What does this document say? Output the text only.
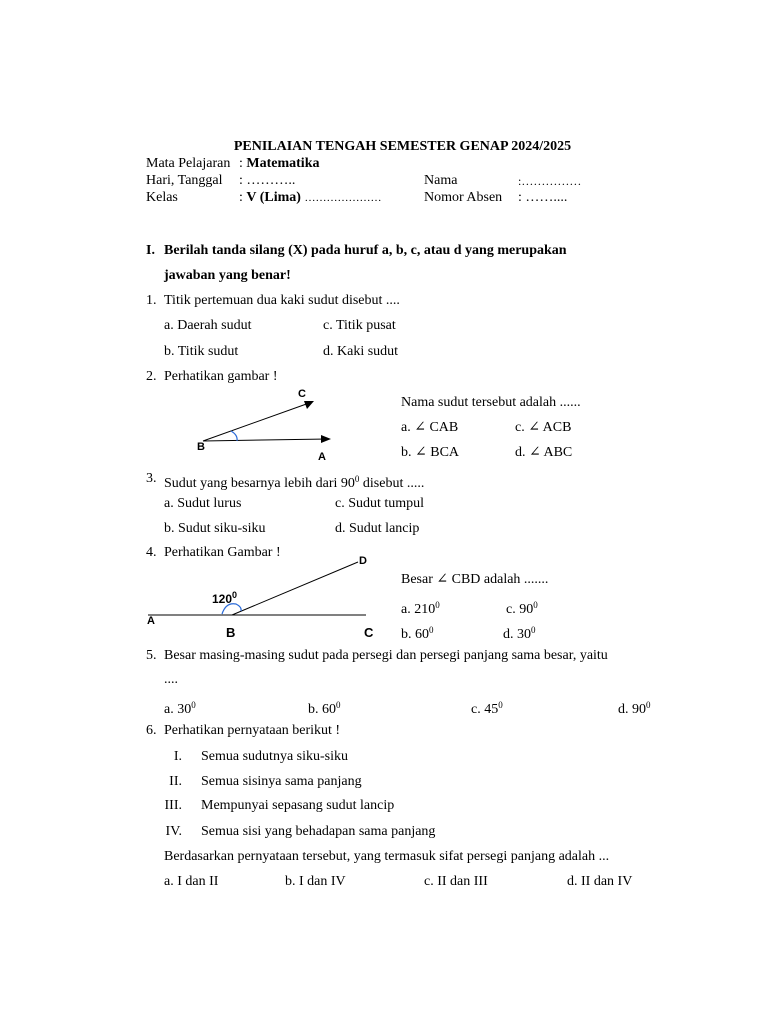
PENILAIAN TENGAH SEMESTER GENAP 2024/2025
Mata Pelajaran : Matematika
Hari, Tanggal : ………..
Kelas	: V (Lima) …………………
Nama	:……………
Nomor Absen : ……....
I. Berilah tanda silang (X) pada huruf a, b, c, atau d yang merupakan
jawaban yang benar!
1. Titik pertemuan dua kaki sudut disebut ....
a. Daerah sudut	c. Titik pusat
b. Titik sudut	d. Kaki sudut
2. Perhatikan gambar !
C
B
A
Nama sudut tersebut adalah ......
a. ∠ CAB	c. ∠ ACB
b. ∠ BCA	d. ∠ ABC
3. Sudut yang besarnya lebih dari $90^0$ disebut .....
a. Sudut lurus	c. Sudut tumpul
b. Sudut siku-siku	d. Sudut lancip
4. Perhatikan Gambar !
$120^0$
D
A
B	C
Besar ∠ CBD adalah .......
a. $210^0$	c. $90^0$
b. $60^0$	d. $30^0$
5. Besar masing-masing sudut pada persegi dan persegi panjang sama besar, yaitu
....
a. $30^0$	b. $60^0$	c. $45^0$	d. $90^0$
6. Perhatikan pernyataan berikut !
I. Semua sudutnya siku-siku
II. Semua sisinya sama panjang
III. Mempunyai sepasang sudut lancip
IV. Semua sisi yang behadapan sama panjang
Berdasarkan pernyataan tersebut, yang termasuk sifat persegi panjang adalah ...
a. I dan II	b. I dan IV	c. II dan III	d. II dan IV
